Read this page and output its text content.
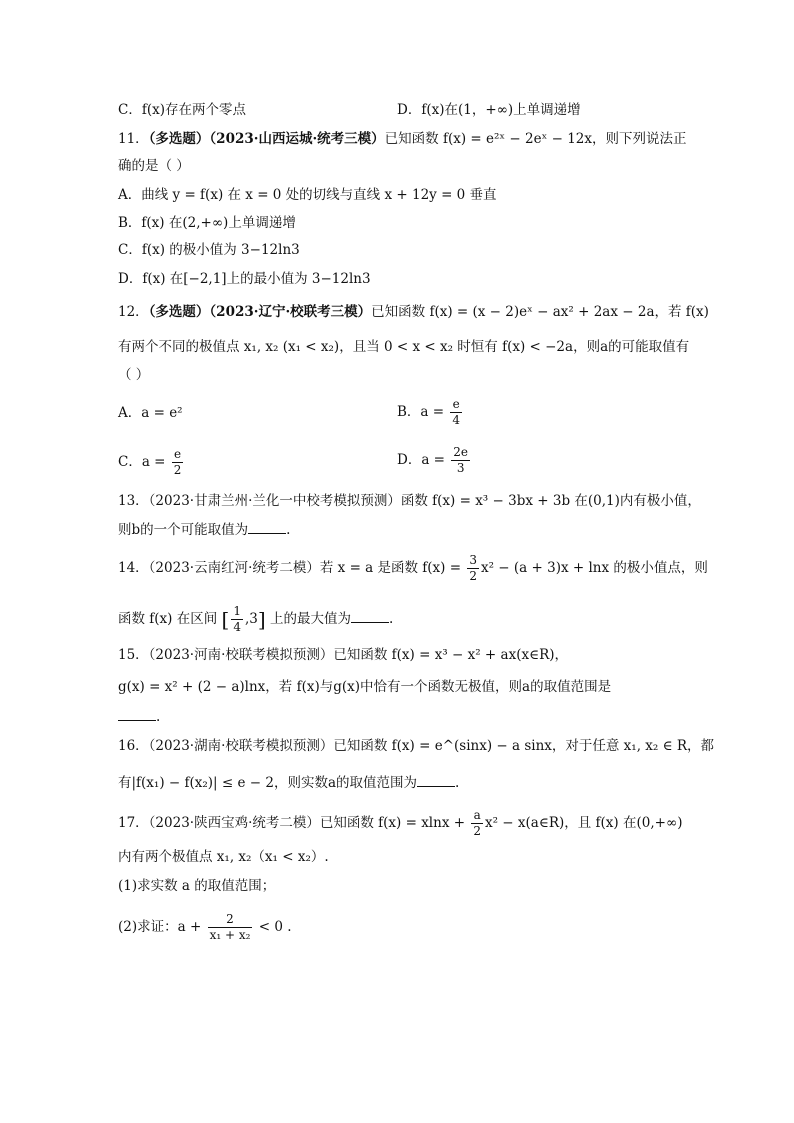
C．f(x)存在两个零点	D．f(x)在(1，+∞)上单调递增
11．（多选题）（2023·山西运城·统考三模）已知函数 f(x) = e²ˣ − 2eˣ − 12x，则下列说法正
确的是（ ）
A．曲线 y = f(x) 在 x = 0 处的切线与直线 x + 12y = 0 垂直
B．f(x) 在(2,+∞)上单调递增
C．f(x) 的极小值为 3−12ln3
D．f(x) 在[−2,1]上的最小值为 3−12ln3
12．（多选题）（2023·辽宁·校联考三模）已知函数 f(x) = (x − 2)eˣ − ax² + 2ax − 2a，若 f(x)
有两个不同的极值点 x₁, x₂ (x₁ < x₂)，且当 0 < x < x₂ 时恒有 f(x) < −2a，则a的可能取值有
（ ）
A．a = e²	B．$a = \frac{e}{4}$
C．$a = \frac{e}{2}$	D．$a = \frac{2e}{3}$
13．（2023·甘肃兰州·兰化一中校考模拟预测）函数 f(x) = x³ − 3bx + 3b 在(0,1)内有极小值，
则b的一个可能取值为	.
14．（2023·云南红河·统考二模）若 x = a 是函数 $f(x) = \frac{3}{2} x^2 - (a + 3)x + \ln x$ 的极小值点，则
函数 f(x) 在区间 [ $\frac{1}{4} ,3$] 上的最大值为	.
15．（2023·河南·校联考模拟预测）已知函数 f(x) = x³ − x² + ax(x∈R)，
g(x) = x² + (2 − a)lnx，若 f(x)与g(x)中恰有一个函数无极值，则a的取值范围是
.
16．（2023·湖南·校联考模拟预测）已知函数 f(x) = e^(sinx) − a sinx，对于任意 x₁, x₂ ∈ R，都
有|f(x₁) − f(x₂)| ≤ e − 2，则实数a的取值范围为	.
17．（2023·陕西宝鸡·统考二模）已知函数 $f(x) = xlnx + \frac{a}{2} x^2$ − x(a∈R)，且 f(x) 在(0,+∞)
内有两个极值点 x₁, x₂（x₁ < x₂）.
(1)求实数 a 的取值范围；
(2)求证：$a + \frac{2}{\text{x₁ + x₂}} < 0$ .
